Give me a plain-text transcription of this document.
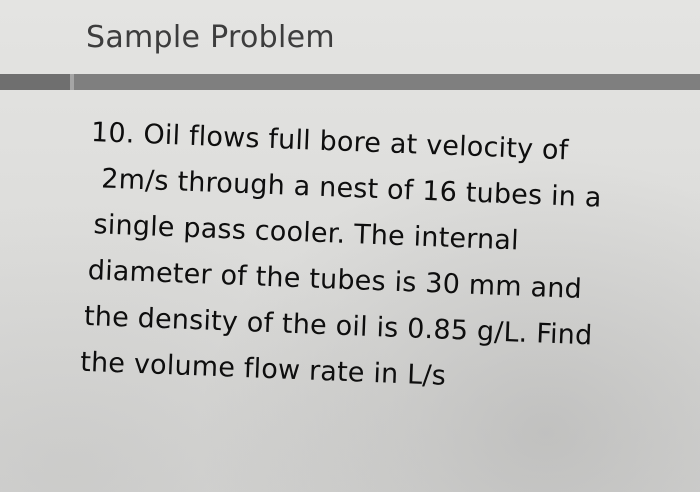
Sample Problem
10. Oil flows full bore at velocity of
2m/s through a nest of 16 tubes in a
single pass cooler. The internal
diameter of the tubes is 30 mm and
the density of the oil is 0.85 g/L. Find
the volume flow rate in L/s
